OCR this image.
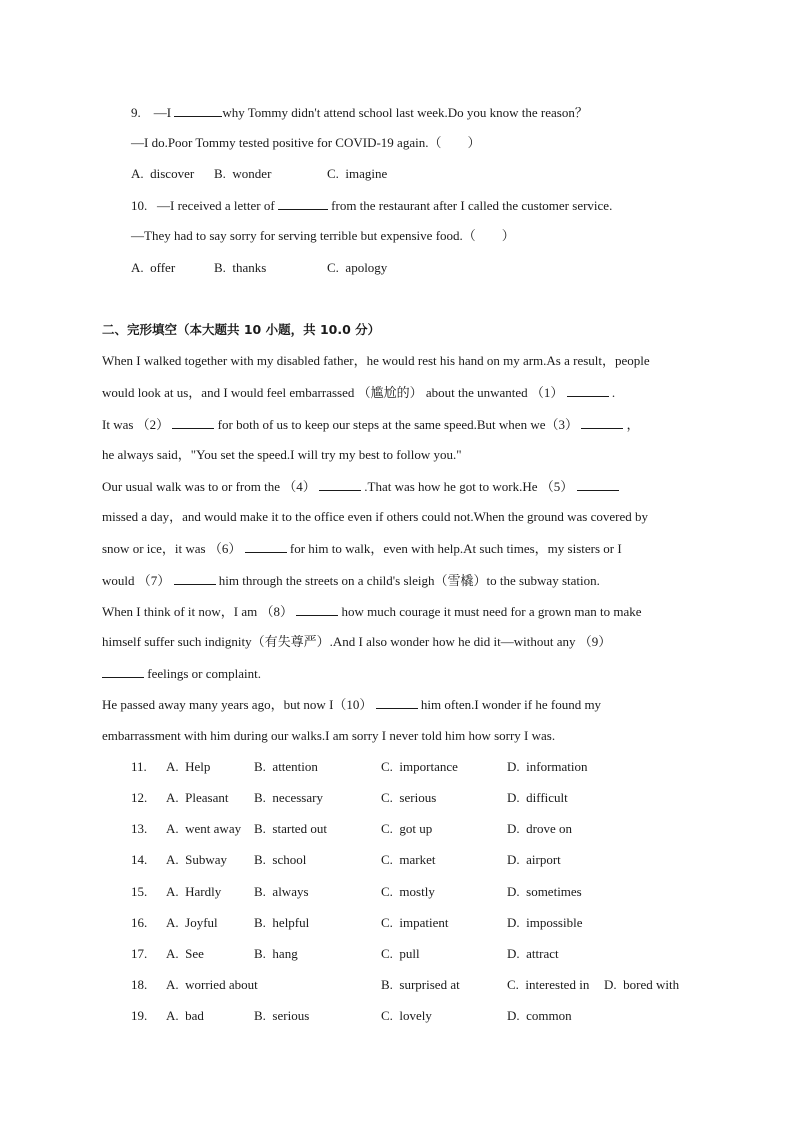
9. —I	why Tommy didn't attend school last week.Do you know the reason？
—I do.Poor Tommy tested positive for COVID-19 again.（　　）
A.  discover B.  wonder	C.  imagine
10. —I received a letter of	from the restaurant after I called the customer service.
—They had to say sorry for serving terrible but expensive food.（　　）
A.  offer	B.  thanks	C.  apology
二、完形填空（本大题共 10 小题，共 10.0 分）
When I walked together with my disabled father，he would rest his hand on my arm.As a result，people
would look at us，and I would feel embarrassed （尴尬的） about the unwanted （1）	.
It was （2）	for both of us to keep our steps at the same speed.But when we（3）	，
he always said，"You set the speed.I will try my best to follow you."
Our usual walk was to or from the （4）	.That was how he got to work.He （5）
missed a day，and would make it to the office even if others could not.When the ground was covered by
snow or ice，it was （6）	for him to walk，even with help.At such times，my sisters or I
would （7）	him through the streets on a child's sleigh（雪橇）to the subway station.
When I think of it now，I am （8）	how much courage it must need for a grown man to make
himself suffer such indignity（有失尊严）.And I also wonder how he did it—without any （9）
feelings or complaint.
He passed away many years ago，but now I（10）	him often.I wonder if he found my
embarrassment with him during our walks.I am sorry I never told him how sorry I was.
11.	A.  Help	B.  attention	C.  importance	D.  information
12.	A.  Pleasant B.  necessary	C.  serious	D.  difficult
13.	A.  went away B.  started out	C.  got up	D.  drove on
14.	A.  Subway B.  school	C.  market	D.  airport
15.	A.  Hardly	B.  always	C.  mostly	D.  sometimes
16.	A.  Joyful	B.  helpful	C.  impatient	D.  impossible
17.	A.  See	B.  hang	C.  pull	D.  attract
18.	A.  worried about	B.  surprised at	C.  interested in D.  bored with
19.	A.  bad	B.  serious	C.  lovely	D.  common
